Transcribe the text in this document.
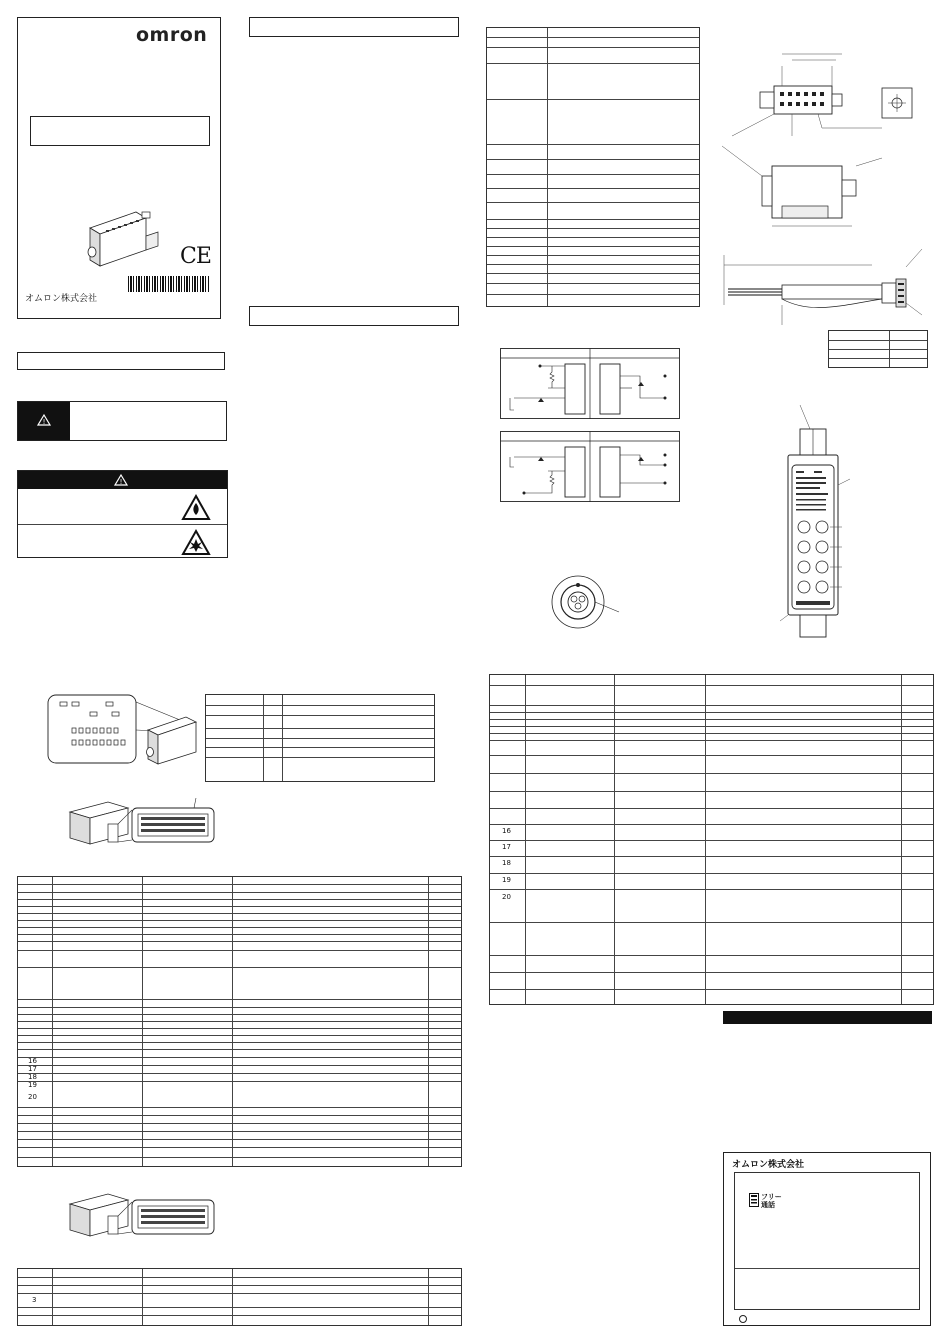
omron
CE
オムロン株式会社
!
!
16
17
18
19
20
3
16
17
18
19
20
オムロン株式会社
フリー
通話
